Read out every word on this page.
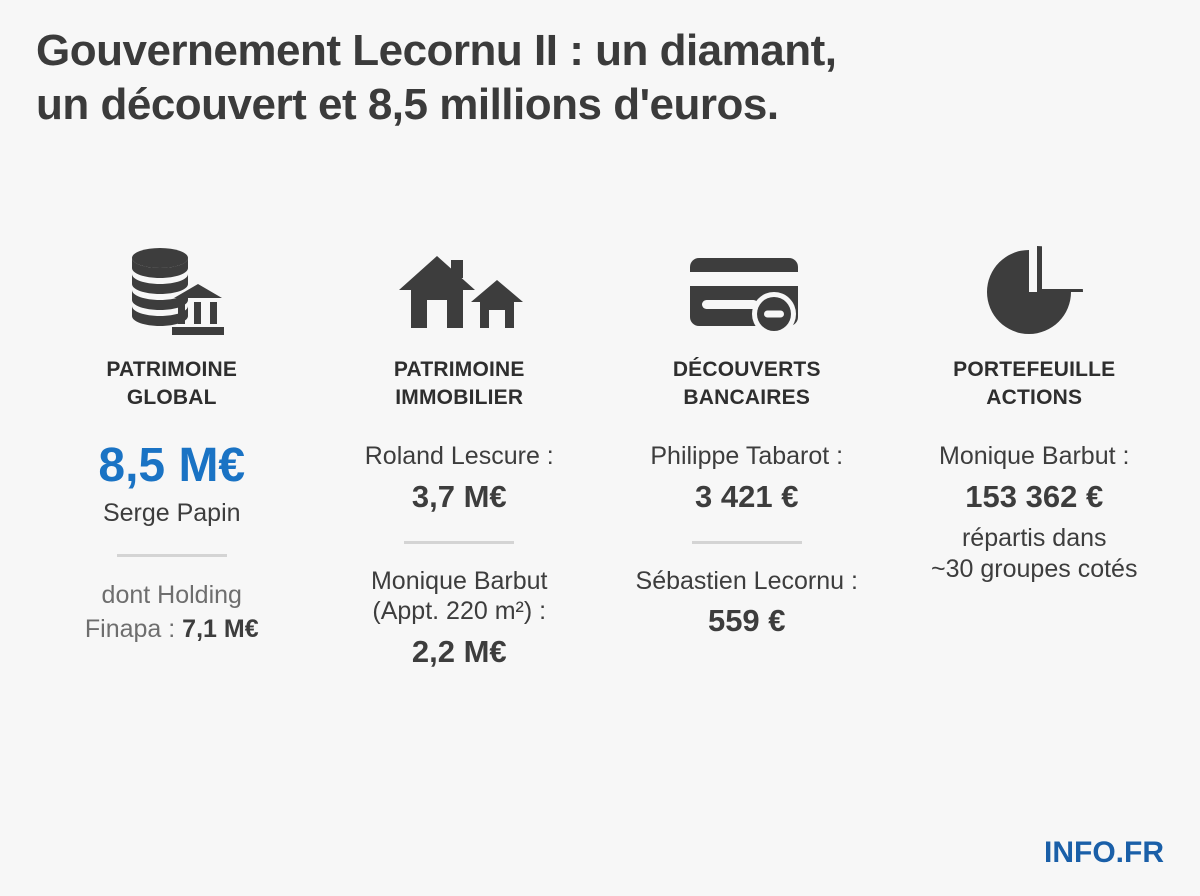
Gouvernement Lecornu II : un diamant,
un découvert et 8,5 millions d'euros.
PATRIMOINE
GLOBAL
8,5 M€
Serge Papin
dont Holding
Finapa : 7,1 M€
PATRIMOINE
IMMOBILIER
Roland Lescure :
3,7 M€
Monique Barbut
(Appt. 220 m²) :
2,2 M€
DÉCOUVERTS
BANCAIRES
Philippe Tabarot :
3 421 €
Sébastien Lecornu :
559 €
PORTEFEUILLE
ACTIONS
Monique Barbut :
153 362 €
répartis dans
~30 groupes cotés
INFO.FR
